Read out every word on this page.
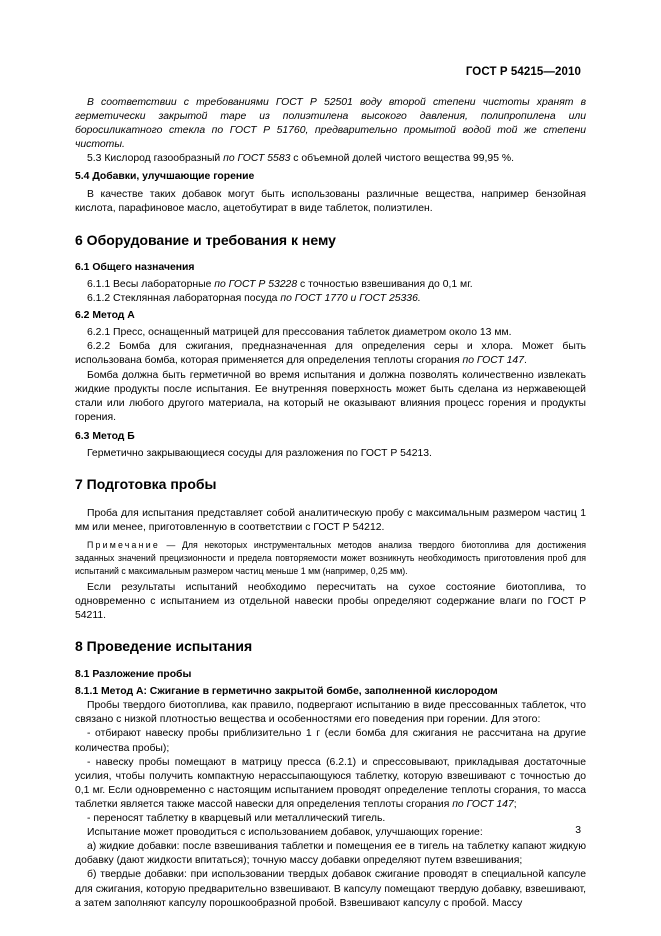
ГОСТ Р 54215—2010

В соответствии с требованиями ГОСТ Р 52501 воду второй степени чистоты хранят в герметически закрытой таре из полиэтилена высокого давления, полипропилена или боросиликатного стекла по ГОСТ Р 51760, предварительно промытой водой той же степени чистоты.

5.3 Кислород газообразный по ГОСТ 5583 с объемной долей чистого вещества 99,95 %.

5.4 Добавки, улучшающие горение

В качестве таких добавок могут быть использованы различные вещества, например бензойная кислота, парафиновое масло, ацетобутират в виде таблеток, полиэтилен.

6 Оборудование и требования к нему
6.1 Общего назначения

6.1.1 Весы лабораторные по ГОСТ Р 53228 с точностью взвешивания до 0,1 мг.

6.1.2 Стеклянная лабораторная посуда по ГОСТ 1770 и ГОСТ 25336.

6.2 Метод А

6.2.1 Пресс, оснащенный матрицей для прессования таблеток диаметром около 13 мм.

6.2.2 Бомба для сжигания, предназначенная для определения серы и хлора. Может быть использована бомба, которая применяется для определения теплоты сгорания по ГОСТ 147.

Бомба должна быть герметичной во время испытания и должна позволять количественно извлекать жидкие продукты после испытания. Ее внутренняя поверхность может быть сделана из нержавеющей стали или любого другого материала, на который не оказывают влияния процесс горения и продукты горения.

6.3 Метод Б

Герметично закрывающиеся сосуды для разложения по ГОСТ Р 54213.

7 Подготовка пробы

Проба для испытания представляет собой аналитическую пробу с максимальным размером частиц 1 мм или менее, приготовленную в соответствии с ГОСТ Р 54212.

Примечание — Для некоторых инструментальных методов анализа твердого биотоплива для достижения заданных значений прецизионности и предела повторяемости может возникнуть необходимость приготовления проб для испытаний с максимальным размером частиц меньше 1 мм (например, 0,25 мм).

Если результаты испытаний необходимо пересчитать на сухое состояние биотоплива, то одновременно с испытанием из отдельной навески пробы определяют содержание влаги по ГОСТ Р 54211.

8 Проведение испытания
8.1 Разложение пробы
8.1.1 Метод А: Сжигание в герметично закрытой бомбе, заполненной кислородом

Пробы твердого биотоплива, как правило, подвергают испытанию в виде прессованных таблеток, что связано с низкой плотностью вещества и особенностями его поведения при горении. Для этого:

- отбирают навеску пробы приблизительно 1 г (если бомба для сжигания не рассчитана на другие количества пробы);

- навеску пробы помещают в матрицу пресса (6.2.1) и спрессовывают, прикладывая достаточные усилия, чтобы получить компактную нерассыпающуюся таблетку, которую взвешивают с точностью до 0,1 мг. Если одновременно с настоящим испытанием проводят определение теплоты сгорания, то масса таблетки является также массой навески для определения теплоты сгорания по ГОСТ 147;

- переносят таблетку в кварцевый или металлический тигель.

Испытание может проводиться с использованием добавок, улучшающих горение:

а) жидкие добавки: после взвешивания таблетки и помещения ее в тигель на таблетку капают жидкую добавку (дают жидкости впитаться); точную массу добавки определяют путем взвешивания;

б) твердые добавки: при использовании твердых добавок сжигание проводят в специальной капсуле для сжигания, которую предварительно взвешивают. В капсулу помещают твердую добавку, взвешивают, а затем заполняют капсулу порошкообразной пробой. Взвешивают капсулу с пробой. Массу

3
